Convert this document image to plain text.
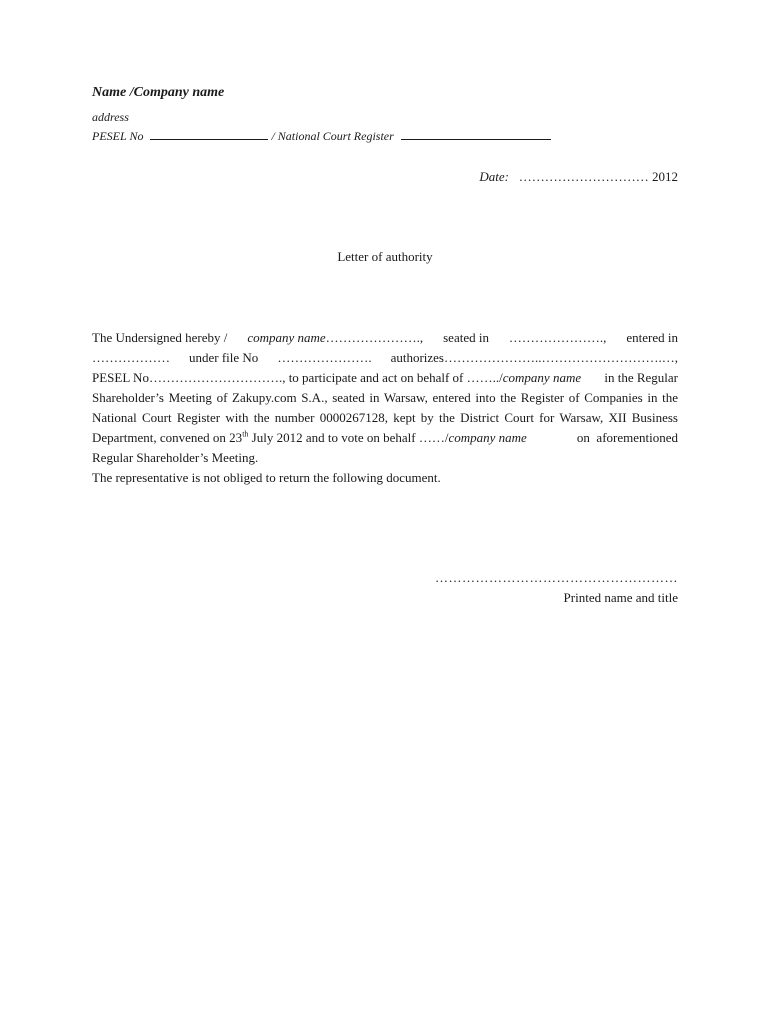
Name /Company name
address
PESEL No	/ National Court Register
Date: ………………………… 2012
Letter of authority
The Undersigned hereby / company name…………………., seated in …………………., entered in
……………… under file No …………………. authorizes…………………..……………………….…,
PESEL No…………………………., to participate and act on behalf of ……../company name in the Regular
Shareholder’s Meeting of Zakupy.com S.A., seated in Warsaw, entered into the Register of Companies in the
National Court Register with the number 0000267128, kept by the District Court for Warsaw, XII Business
Department, convened on 23th July 2012 and to vote on behalf ……/company name	on  aforementioned
Regular Shareholder’s Meeting.
The representative is not obliged to return the following document.
………………………………………………
Printed name and title
